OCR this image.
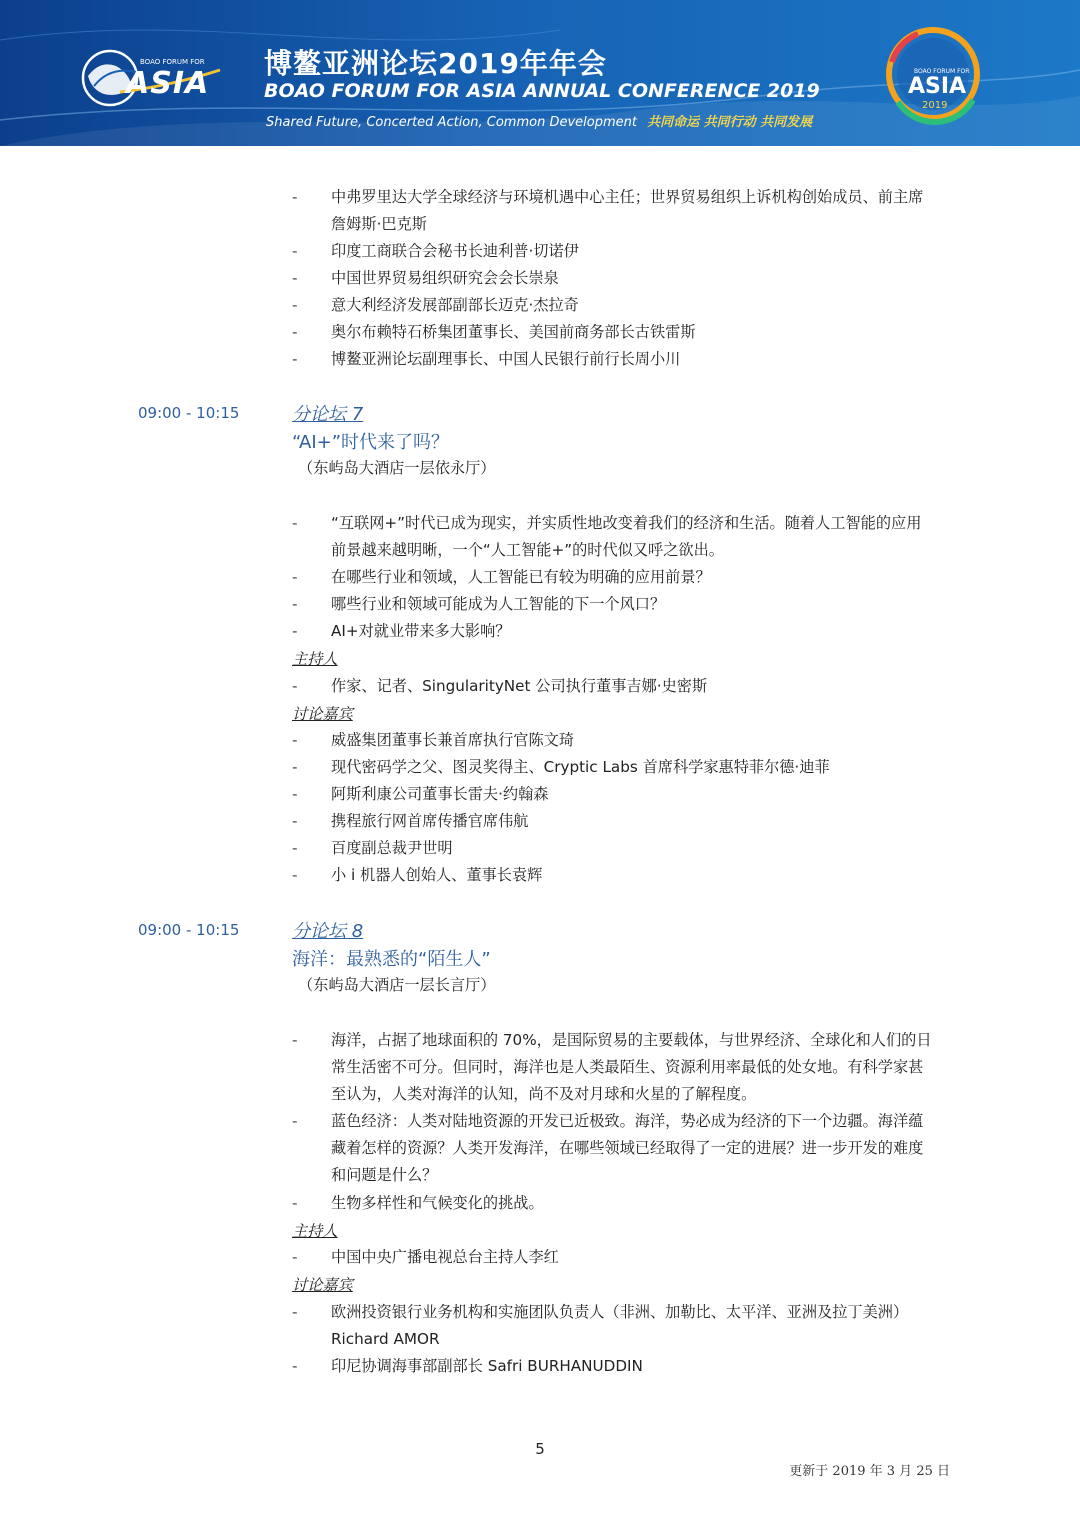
BOAO FORUM FOR
ASIA
博鳌亚洲论坛2019年年会
BOAO FORUM FOR ASIA ANNUAL CONFERENCE 2019
Shared Future, Concerted Action, Common Development 共同命运 共同行动 共同发展
BOAO FORUM FOR
ASIA
2019
- 中弗罗里达大学全球经济与环境机遇中心主任；世界贸易组织上诉机构创始成员、前主席詹姆斯·巴克斯
- 印度工商联合会秘书长迪利普·切诺伊
- 中国世界贸易组织研究会会长崇泉
- 意大利经济发展部副部长迈克·杰拉奇
- 奥尔布赖特石桥集团董事长、美国前商务部长古铁雷斯
- 博鳌亚洲论坛副理事长、中国人民银行前行长周小川
09:00 - 10:15	分论坛 7
“AI+”时代来了吗？
（东屿岛大酒店一层依永厅）
- “互联网+”时代已成为现实，并实质性地改变着我们的经济和生活。随着人工智能的应用前景越来越明晰，一个“人工智能+”的时代似又呼之欲出。
- 在哪些行业和领域，人工智能已有较为明确的应用前景？
- 哪些行业和领域可能成为人工智能的下一个风口？
- AI+对就业带来多大影响？
主持人
- 作家、记者、SingularityNet 公司执行董事吉娜·史密斯
讨论嘉宾
- 威盛集团董事长兼首席执行官陈文琦
- 现代密码学之父、图灵奖得主、Cryptic Labs 首席科学家惠特菲尔德·迪菲
- 阿斯利康公司董事长雷夫·约翰森
- 携程旅行网首席传播官席伟航
- 百度副总裁尹世明
- 小 i 机器人创始人、董事长袁辉
09:00 - 10:15	分论坛 8
海洋：最熟悉的“陌生人”
（东屿岛大酒店一层长言厅）
- 海洋，占据了地球面积的 70%，是国际贸易的主要载体，与世界经济、全球化和人们的日常生活密不可分。但同时，海洋也是人类最陌生、资源利用率最低的处女地。有科学家甚至认为，人类对海洋的认知，尚不及对月球和火星的了解程度。
- 蓝色经济：人类对陆地资源的开发已近极致。海洋，势必成为经济的下一个边疆。海洋蕴藏着怎样的资源？人类开发海洋，在哪些领域已经取得了一定的进展？进一步开发的难度和问题是什么？
- 生物多样性和气候变化的挑战。
主持人
- 中国中央广播电视总台主持人李红
讨论嘉宾
- 欧洲投资银行业务机构和实施团队负责人（非洲、加勒比、太平洋、亚洲及拉丁美洲）Richard AMOR
- 印尼协调海事部副部长 Safri BURHANUDDIN
5
更新于 2019 年 3 月 25 日
